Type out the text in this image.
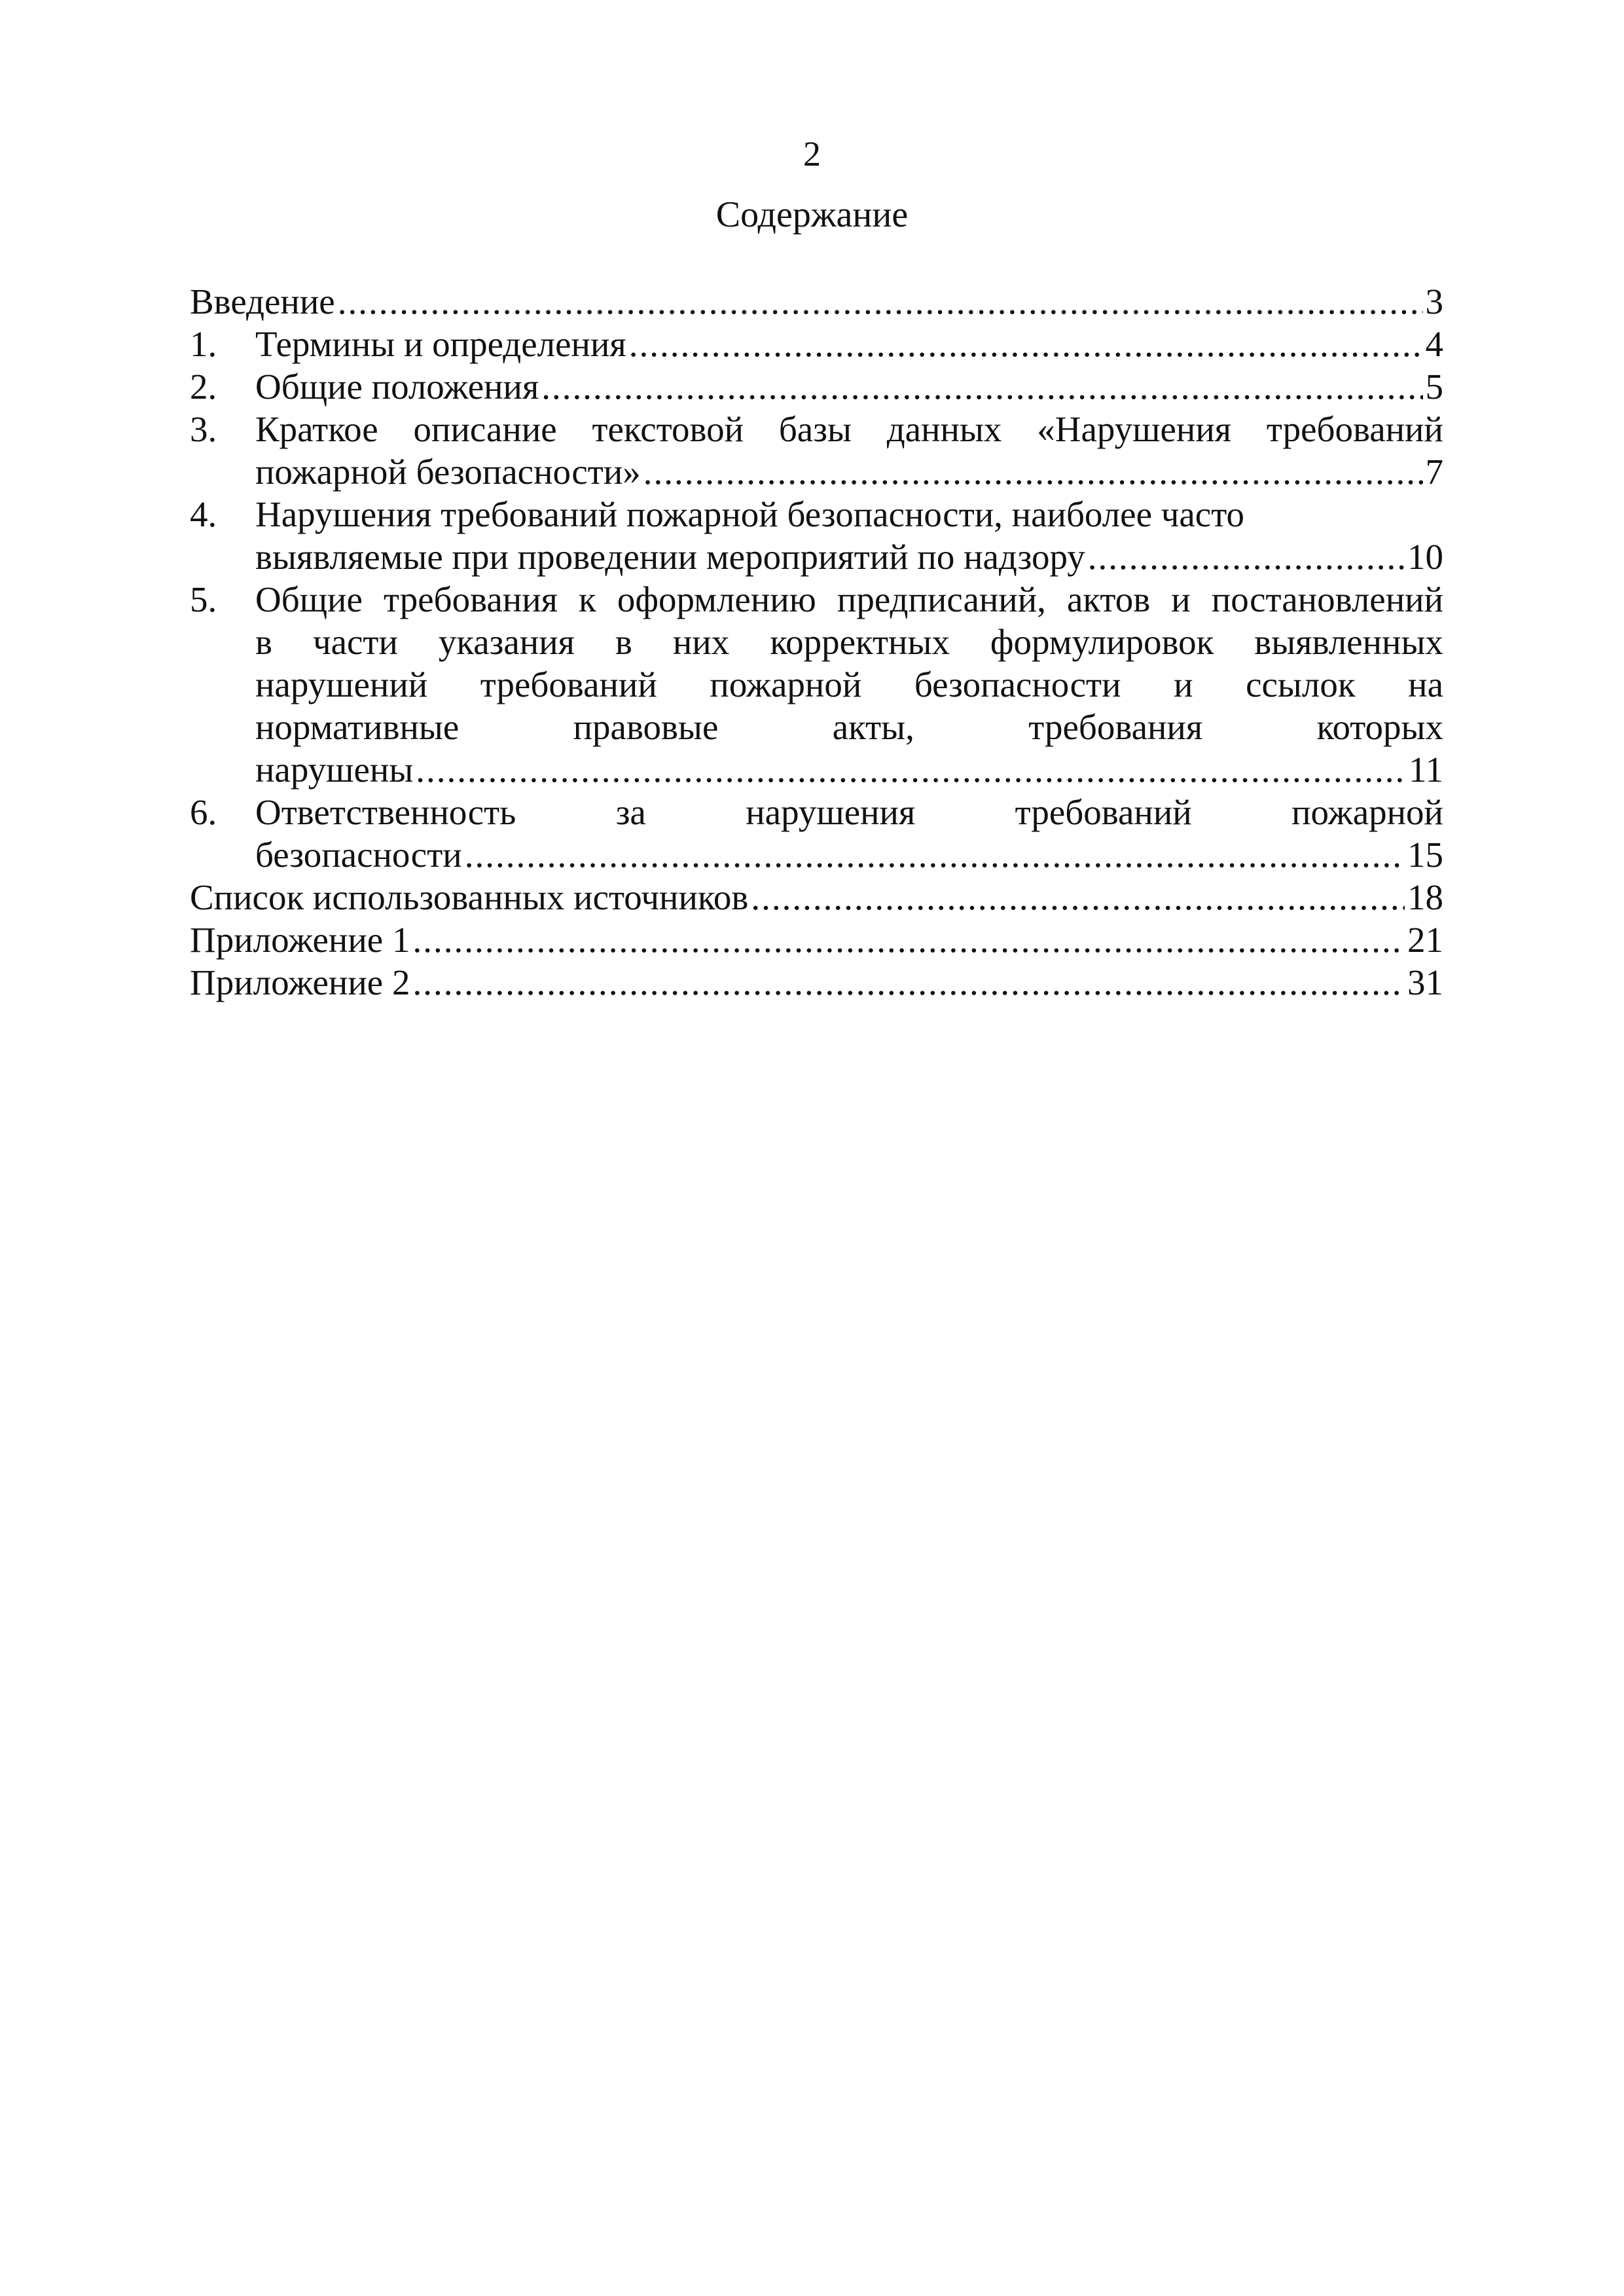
2
Содержание
Введение .....	3
1.	Термины и определения .....	4
2.	Общие положения .....	5
3.	Краткое описание текстовой базы данных «Нарушения требований
пожарной безопасности» .....	7
4.	Нарушения требований пожарной безопасности, наиболее часто
выявляемые при проведении мероприятий по надзору .....	10
5.	Общие требования к оформлению предписаний, актов и постановлений
в части указания в них корректных формулировок выявленных
нарушений требований пожарной безопасности и ссылок на
нормативные	правовые	акты,	требования	которых
нарушены .....	11
6.	Ответственность	за	нарушения	требований	пожарной
безопасности .....	15
Список использованных источников .....	18
Приложение 1 .....	21
Приложение 2 .....	31
